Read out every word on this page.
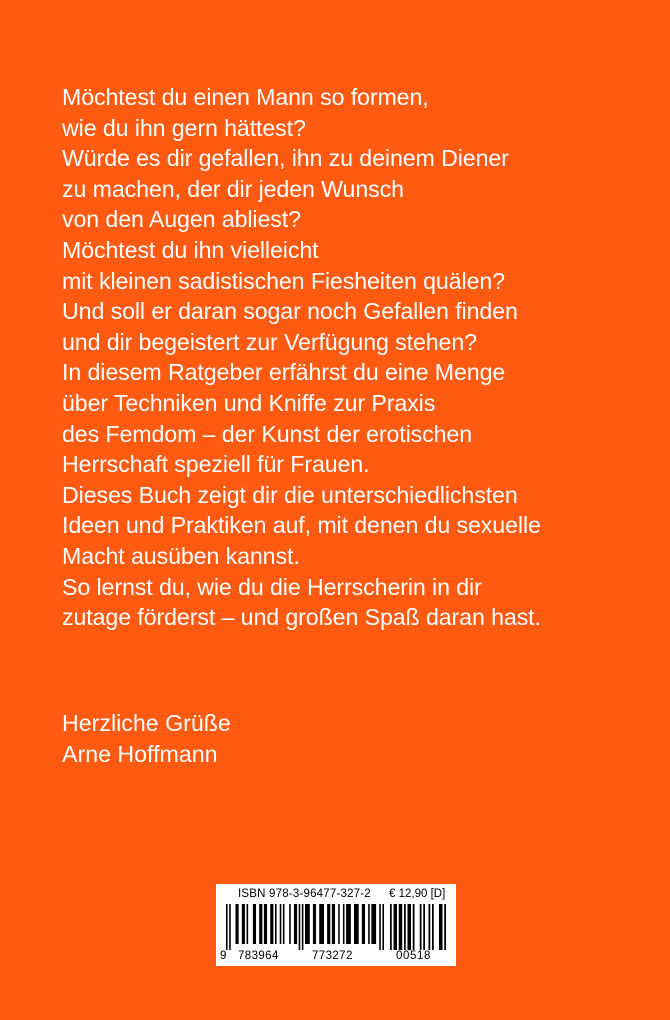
Möchtest du einen Mann so formen,
wie du ihn gern hättest?
Würde es dir gefallen, ihn zu deinem Diener
zu machen, der dir jeden Wunsch
von den Augen abliest?
Möchtest du ihn vielleicht
mit kleinen sadistischen Fiesheiten quälen?
Und soll er daran sogar noch Gefallen finden
und dir begeistert zur Verfügung stehen?
In diesem Ratgeber erfährst du eine Menge
über Techniken und Kniffe zur Praxis
des Femdom – der Kunst der erotischen
Herrschaft speziell für Frauen.
Dieses Buch zeigt dir die unterschiedlichsten
Ideen und Praktiken auf, mit denen du sexuelle
Macht ausüben kannst.
So lernst du, wie du die Herrscherin in dir
zutage förderst – und großen Spaß daran hast.
Herzliche Grüße
Arne Hoffmann
ISBN 978-3-96477-327-2 € 12,90 [D]
9 783964	773272	00518
